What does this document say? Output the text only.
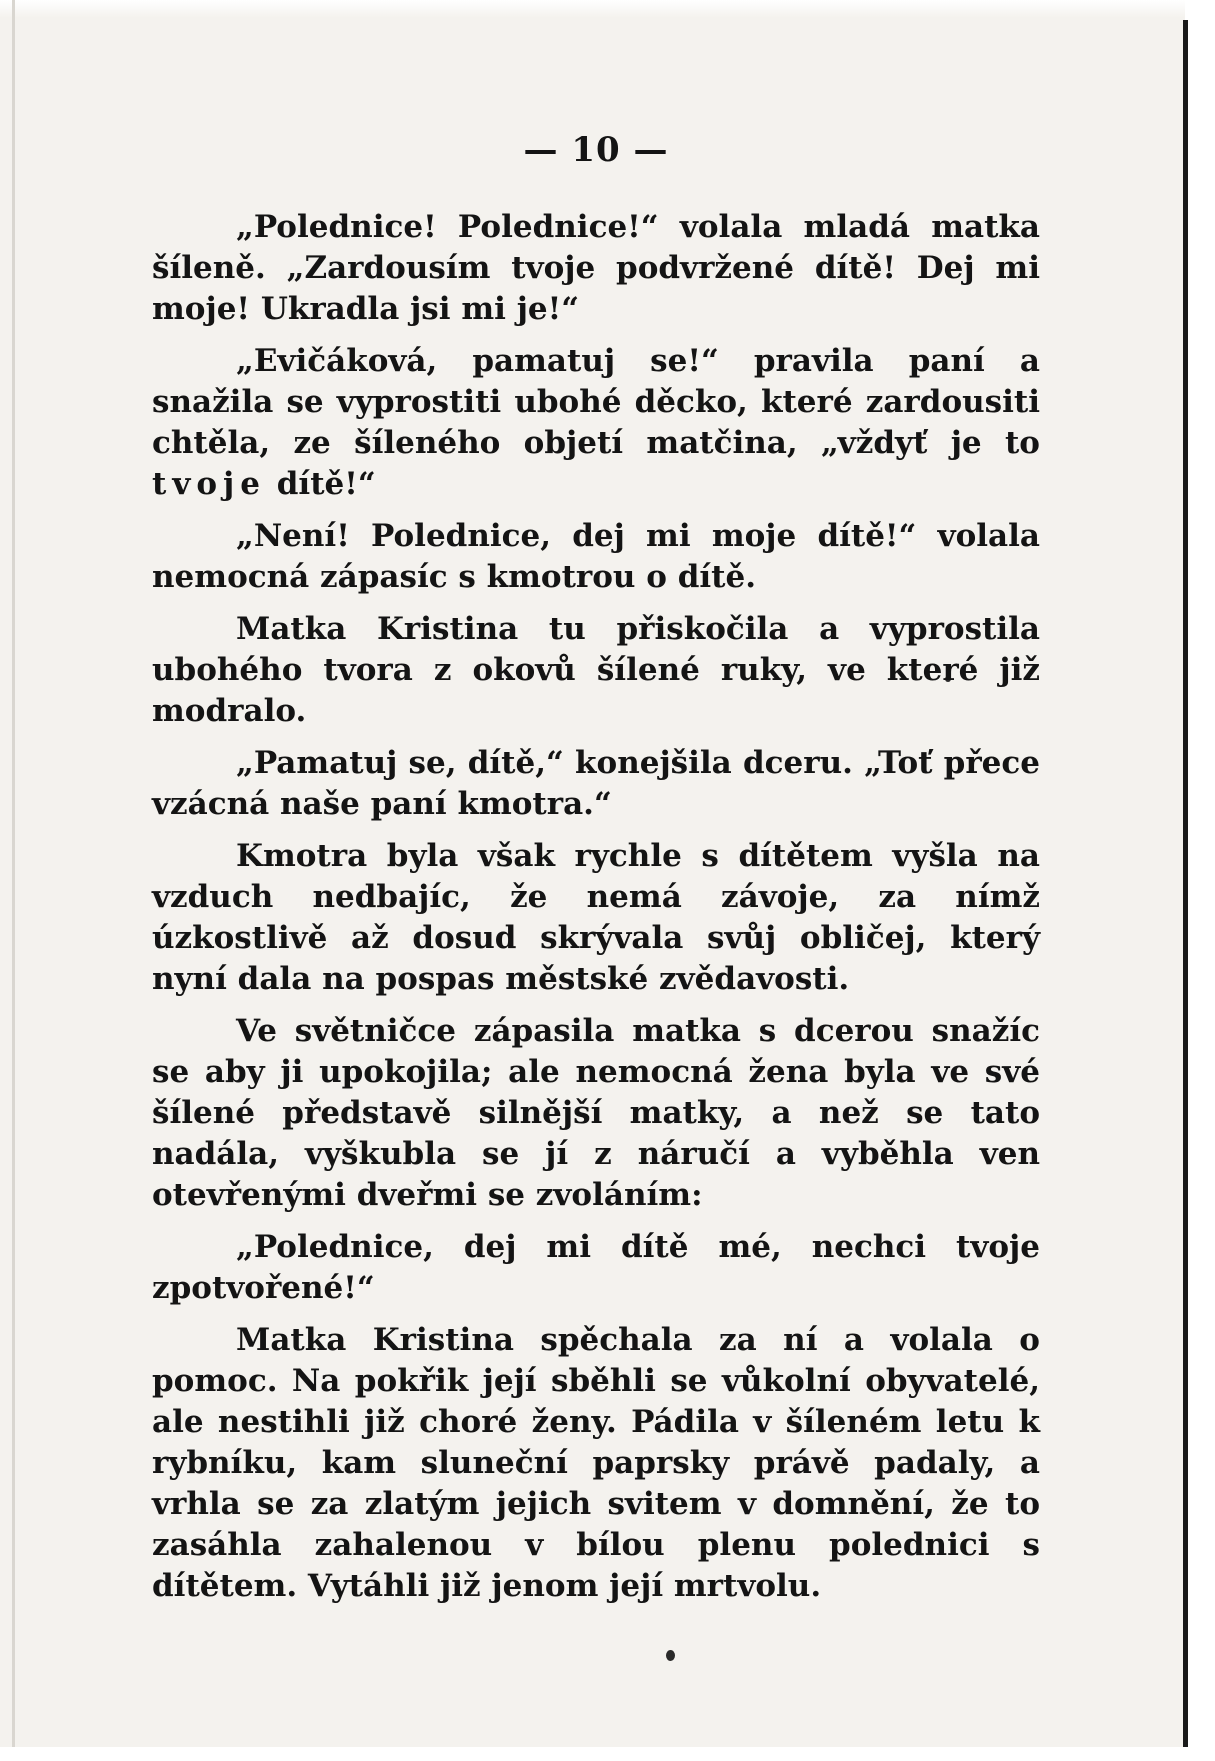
— 10 —

„Polednice! Polednice!“ volala mladá matka šíleně. „Zardousím tvoje podvržené dítě! Dej mi moje! Ukradla jsi mi je!“

„Evičáková, pamatuj se!“ pravila paní a snažila se vyprostiti ubohé děcko, které zardousiti chtěla, ze šíleného objetí matčina, „vždyť je to tvoje dítě!“

„Není! Polednice, dej mi moje dítě!“ volala nemocná zápasíc s kmotrou o dítě.

Matka Kristina tu přiskočila a vyprostila ubohého tvora z okovů šílené ruky, ve které již modralo.

„Pamatuj se, dítě,“ konejšila dceru. „Toť přece vzácná naše paní kmotra.“

Kmotra byla však rychle s dítětem vyšla na vzduch nedbajíc, že nemá závoje, za nímž úzkostlivě až dosud skrývala svůj obličej, který nyní dala na pospas městské zvědavosti.

Ve světničce zápasila matka s dcerou snažíc se aby ji upokojila; ale nemocná žena byla ve své šílené představě silnější matky, a než se tato nadála, vyškubla se jí z náručí a vyběhla ven otevřenými dveřmi se zvoláním:

„Polednice, dej mi dítě mé, nechci tvoje zpotvořené!“

Matka Kristina spěchala za ní a volala o pomoc. Na pokřik její sběhli se vůkolní obyvatelé, ale nestihli již choré ženy. Pádila v šíleném letu k rybníku, kam sluneční paprsky právě padaly, a vrhla se za zlatým jejich svitem v domnění, že to zasáhla zahalenou v bílou plenu polednici s dítětem. Vytáhli již jenom její mrtvolu.
